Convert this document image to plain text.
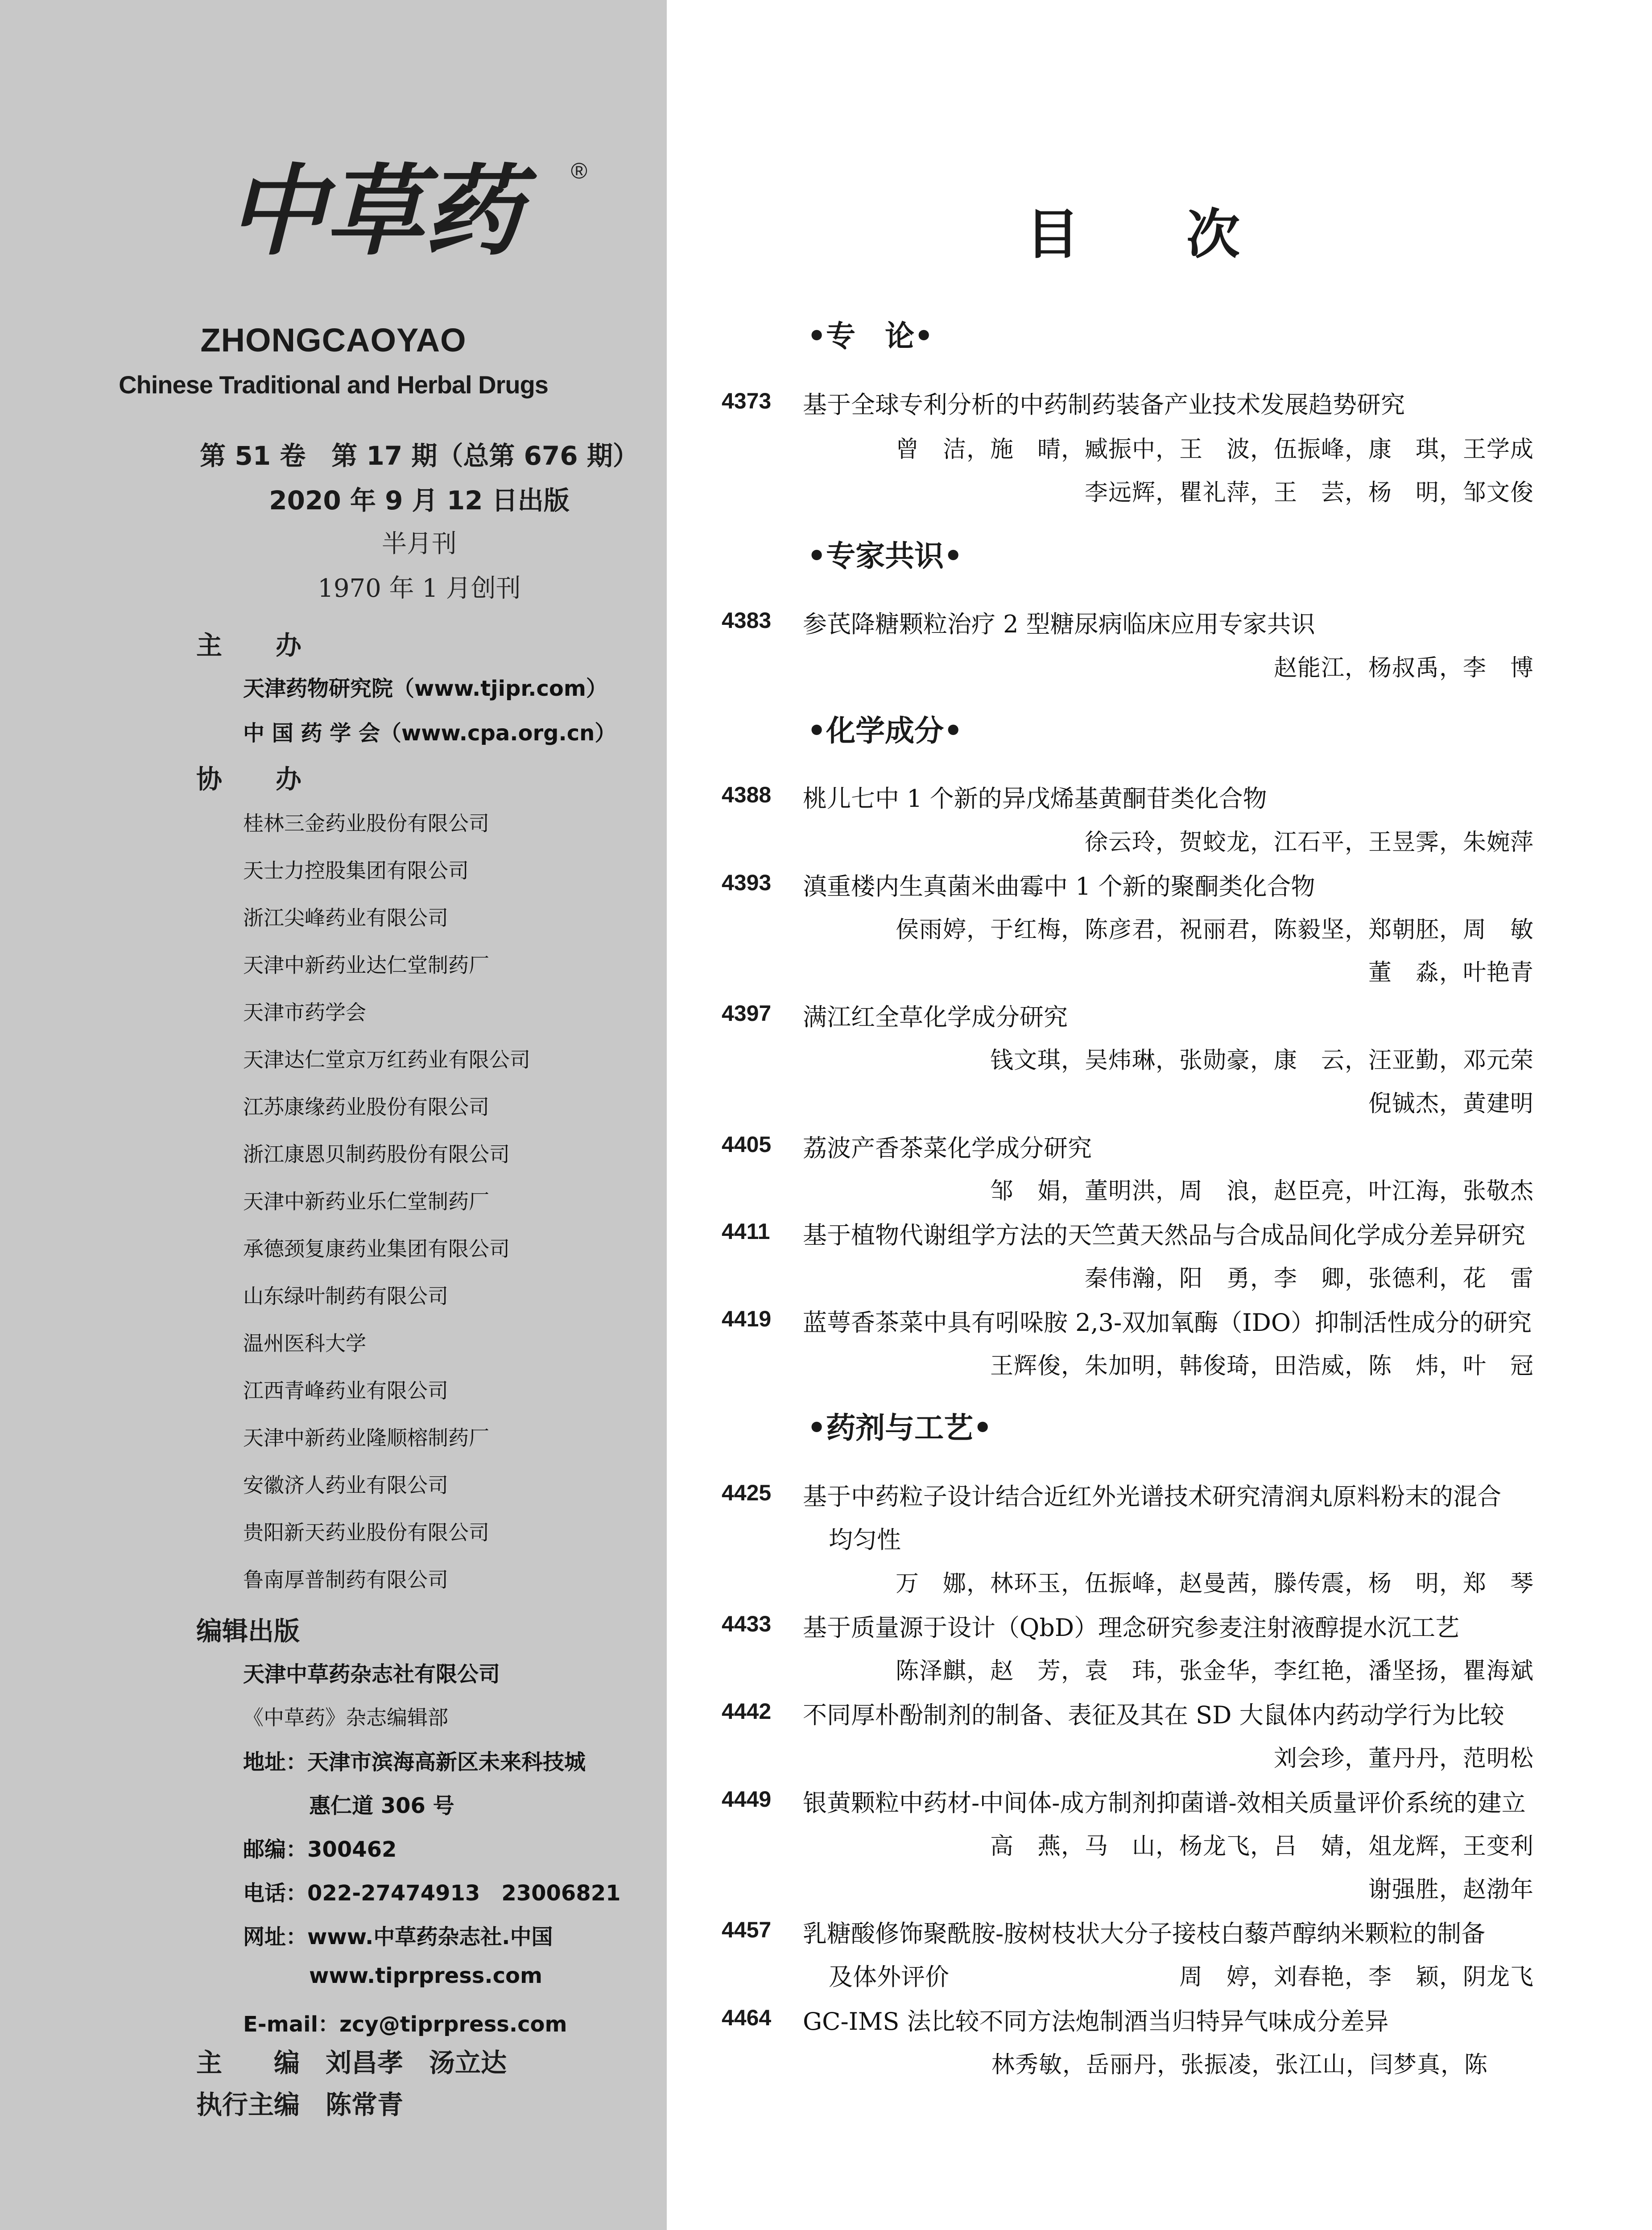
中草药	®
ZHONGCAOYAO
Chinese Traditional and Herbal Drugs
第 51 卷　第 17 期（总第 676 期）
2020 年 9 月 12 日出版
半月刊
1970 年 1 月创刊
主办
天津药物研究院（www.tjipr.com）
中 国 药 学 会（www.cpa.org.cn）
协办
桂林三金药业股份有限公司
天士力控股集团有限公司
浙江尖峰药业有限公司
天津中新药业达仁堂制药厂
天津市药学会
天津达仁堂京万红药业有限公司
江苏康缘药业股份有限公司
浙江康恩贝制药股份有限公司
天津中新药业乐仁堂制药厂
承德颈复康药业集团有限公司
山东绿叶制药有限公司
温州医科大学
江西青峰药业有限公司
天津中新药业隆顺榕制药厂
安徽济人药业有限公司
贵阳新天药业股份有限公司
鲁南厚普制药有限公司
编辑出版
天津中草药杂志社有限公司
《中草药》杂志编辑部
地址：天津市滨海高新区未来科技城
惠仁道 306 号
邮编：300462
电话：022-27474913　23006821
网址：www.中草药杂志社.中国
www.tiprpress.com
E-mail：zcy@tiprpress.com
主　　编　 刘昌孝　汤立达
执行主编　 陈常青
目次
•专　论•
4373 基于全球专利分析的中药制药装备产业技术发展趋势研究
曾　洁，施　晴，臧振中，王　波，伍振峰，康　琪，王学成
李远辉，瞿礼萍，王　芸，杨　明，邹文俊
•专家共识•
4383 参芪降糖颗粒治疗 2 型糖尿病临床应用专家共识
赵能江，杨叔禹，李　博
•化学成分•
4388 桃儿七中 1 个新的异戊烯基黄酮苷类化合物
徐云玲，贺蛟龙，江石平，王昱霁，朱婉萍
4393 滇重楼内生真菌米曲霉中 1 个新的聚酮类化合物
侯雨婷，于红梅，陈彦君，祝丽君，陈毅坚，郑朝胚，周　敏
董　淼，叶艳青
4397 满江红全草化学成分研究
钱文琪，吴炜琳，张勋豪，康　云，汪亚勤，邓元荣
倪铖杰，黄建明
4405 荔波产香茶菜化学成分研究
邹　娟，董明洪，周　浪，赵臣亮，叶江海，张敬杰
4411 基于植物代谢组学方法的天竺黄天然品与合成品间化学成分差异研究
秦伟瀚，阳　勇，李　卿，张德利，花　雷
4419 蓝萼香茶菜中具有吲哚胺 2,3-双加氧酶（IDO）抑制活性成分的研究
王辉俊，朱加明，韩俊琦，田浩威，陈　炜，叶　冠
•药剂与工艺•
4425 基于中药粒子设计结合近红外光谱技术研究清润丸原料粉末的混合
均匀性
万　娜，林环玉，伍振峰，赵曼茜，滕传震，杨　明，郑　琴
4433 基于质量源于设计（QbD）理念研究参麦注射液醇提水沉工艺
陈泽麒，赵　芳，袁　玮，张金华，李红艳，潘坚扬，瞿海斌
4442 不同厚朴酚制剂的制备、表征及其在 SD 大鼠体内药动学行为比较
刘会珍，董丹丹，范明松
4449 银黄颗粒中药材-中间体-成方制剂抑菌谱-效相关质量评价系统的建立
高　燕，马　山，杨龙飞，吕　婧，俎龙辉，王变利
谢强胜，赵渤年
4457 乳糖酸修饰聚酰胺-胺树枝状大分子接枝白藜芦醇纳米颗粒的制备
及体外评价	周　婷，刘春艳，李　颖，阴龙飞
4464 GC-IMS 法比较不同方法炮制酒当归特异气味成分差异
林秀敏，岳丽丹，张振凌，张江山，闫梦真，陈
